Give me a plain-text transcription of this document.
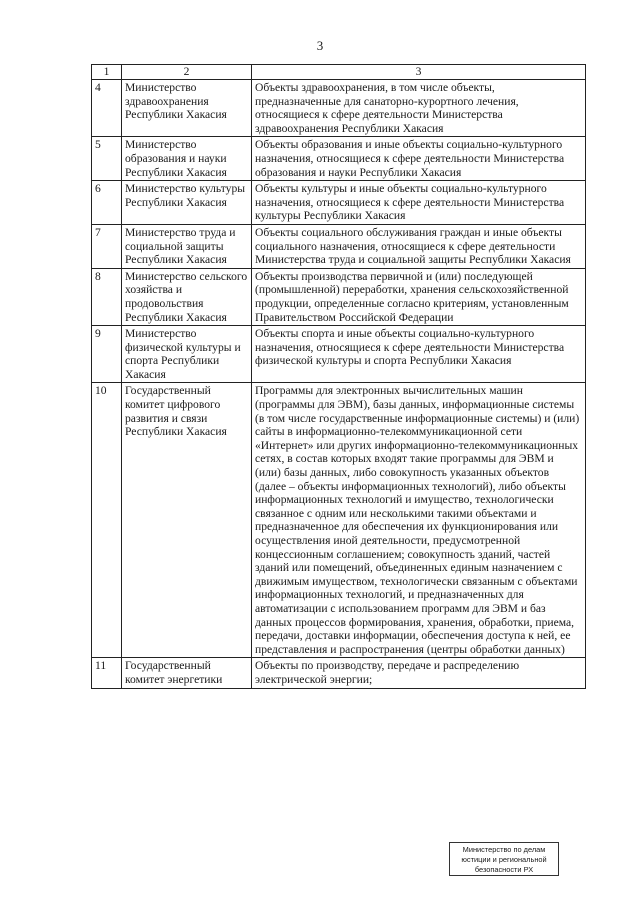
3
1	2	3
4	Министерство здравоохранения Республики Хакасия	Объекты здравоохранения, в том числе объекты, предназначенные для санаторно-курортного лечения, относящиеся к сфере деятельности Министерства здравоохранения Республики Хакасия
5	Министерство образования и науки Республики Хакасия	Объекты образования и иные объекты социально-культурного назначения, относящиеся к сфере деятельности Министерства образования и науки Республики Хакасия
6	Министерство культуры Республики Хакасия	Объекты культуры и иные объекты социально-культурного назначения, относящиеся к сфере деятельности Министерства культуры Республики Хакасия
7	Министерство труда и социальной защиты Республики Хакасия	Объекты социального обслуживания граждан и иные объекты социального назначения, относящиеся к сфере деятельности Министерства труда и социальной защиты Республики Хакасия
8	Министерство сельского хозяйства и продовольствия Республики Хакасия	Объекты производства первичной и (или) последующей (промышленной) переработки, хранения сельскохозяйственной продукции, определенные согласно критериям, установленным Правительством Российской Федерации
9	Министерство физической культуры и спорта Республики Хакасия	Объекты спорта и иные объекты социально-культурного назначения, относящиеся к сфере деятельности Министерства физической культуры и спорта Республики Хакасия
10	Государственный комитет цифрового развития и связи Республики Хакасия	Программы для электронных вычислительных машин (программы для ЭВМ), базы данных, информационные системы (в том числе государственные информационные системы) и (или) сайты в информационно-телекоммуникационной сети «Интернет» или других информационно-телекоммуникационных сетях, в состав которых входят такие программы для ЭВМ и (или) базы данных, либо совокупность указанных объектов (далее – объекты информационных технологий), либо объекты информационных технологий и имущество, технологически связанное с одним или несколькими такими объектами и предназначенное для обеспечения их функционирования или осуществления иной деятельности, предусмотренной концессионным соглашением; совокупность зданий, частей зданий или помещений, объединенных единым назначением с движимым имуществом, технологически связанным с объектами информационных технологий, и предназначенных для автоматизации с использованием программ для ЭВМ и баз данных процессов формирования, хранения, обработки, приема, передачи, доставки информации, обеспечения доступа к ней, ее представления и распространения (центры обработки данных)
11	Государственный комитет энергетики	Объекты по производству, передаче и распределению электрической энергии;
Министерство по делам
юстиции и региональной
безопасности РХ
